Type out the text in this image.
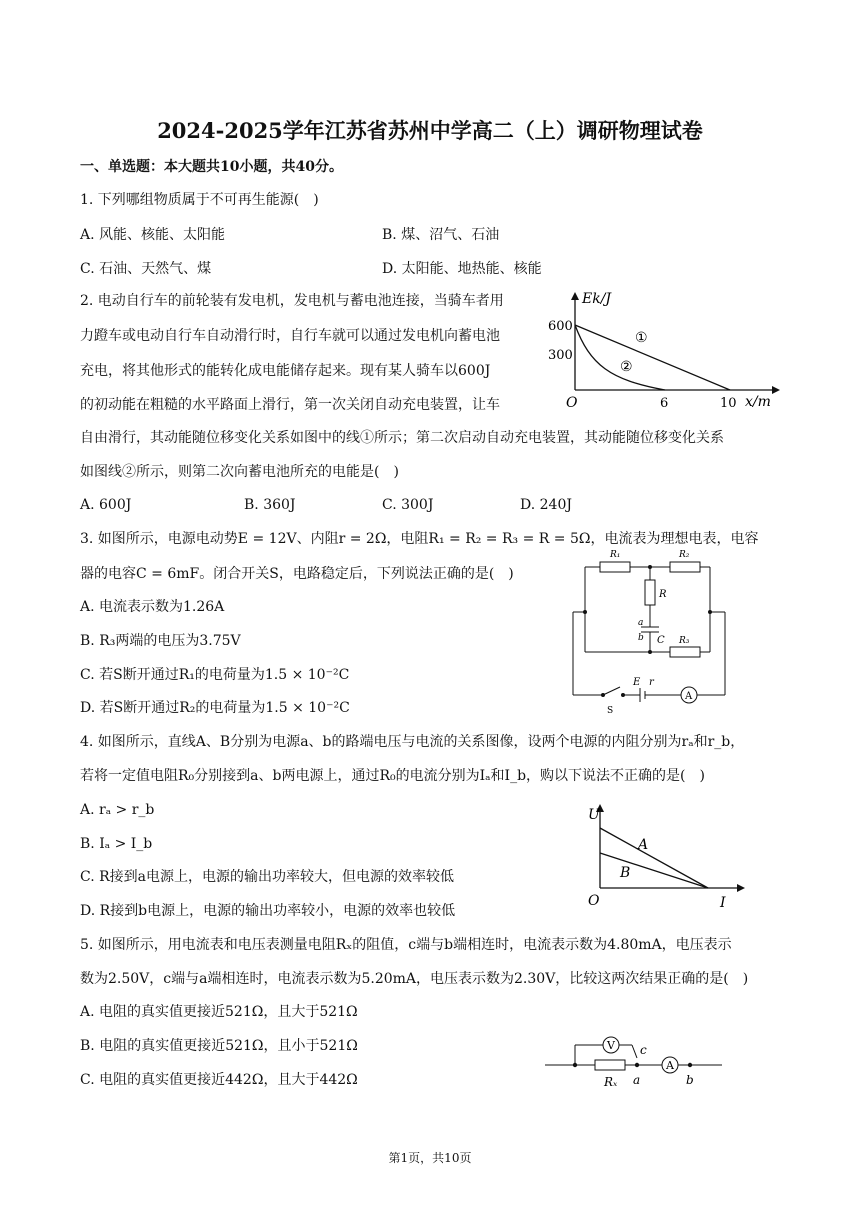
2024-2025学年江苏省苏州中学高二（上）调研物理试卷
一、单选题：本大题共10小题，共40分。
1. 下列哪组物质属于不可再生能源(　)
A. 风能、核能、太阳能	B. 煤、沼气、石油
C. 石油、天然气、煤	D. 太阳能、地热能、核能
2. 电动自行车的前轮装有发电机，发电机与蓄电池连接，当骑车者用
力蹬车或电动自行车自动滑行时，自行车就可以通过发电机向蓄电池
充电，将其他形式的能转化成电能储存起来。现有某人骑车以600J
的初动能在粗糙的水平路面上滑行，第一次关闭自动充电装置，让车
自由滑行，其动能随位移变化关系如图中的线①所示；第二次启动自动充电装置，其动能随位移变化关系
如图线②所示，则第二次向蓄电池所充的电能是(　)
A. 600J	B. 360J	C. 300J	D. 240J
Ek/J
x/m
O
600
300
6	10
①
②
3. 如图所示，电源电动势E = 12V、内阻r = 2Ω，电阻R₁ = R₂ = R₃ = R = 5Ω，电流表为理想电表，电容
器的电容C = 6mF。闭合开关S，电路稳定后，下列说法正确的是(　)
A. 电流表示数为1.26A
B. R₃两端的电压为3.75V
C. 若S断开通过R₁的电荷量为1.5 × 10⁻²C
D. 若S断开通过R₂的电荷量为1.5 × 10⁻²C
R₁	R₂
R
a
b C R₃
E r
S
A
4. 如图所示，直线A、B分别为电源a、b的路端电压与电流的关系图像，设两个电源的内阻分别为rₐ和r_b，
若将一定值电阻R₀分别接到a、b两电源上，通过R₀的电流分别为Iₐ和I_b，购以下说法不正确的是(　)
A. rₐ > r_b
B. Iₐ > I_b
C. R接到a电源上，电源的输出功率较大，但电源的效率较低
D. R接到b电源上，电源的输出功率较小，电源的效率也较低
U
I
O
A
B
5. 如图所示，用电流表和电压表测量电阻Rₓ的阻值，c端与b端相连时，电流表示数为4.80mA，电压表示
数为2.50V，c端与a端相连时，电流表示数为5.20mA，电压表示数为2.30V，比较这两次结果正确的是(　)
A. 电阻的真实值更接近521Ω，且大于521Ω
B. 电阻的真实值更接近521Ω，且小于521Ω
C. 电阻的真实值更接近442Ω，且大于442Ω
V
A
Rₓ
c
a	b
第1页，共10页
